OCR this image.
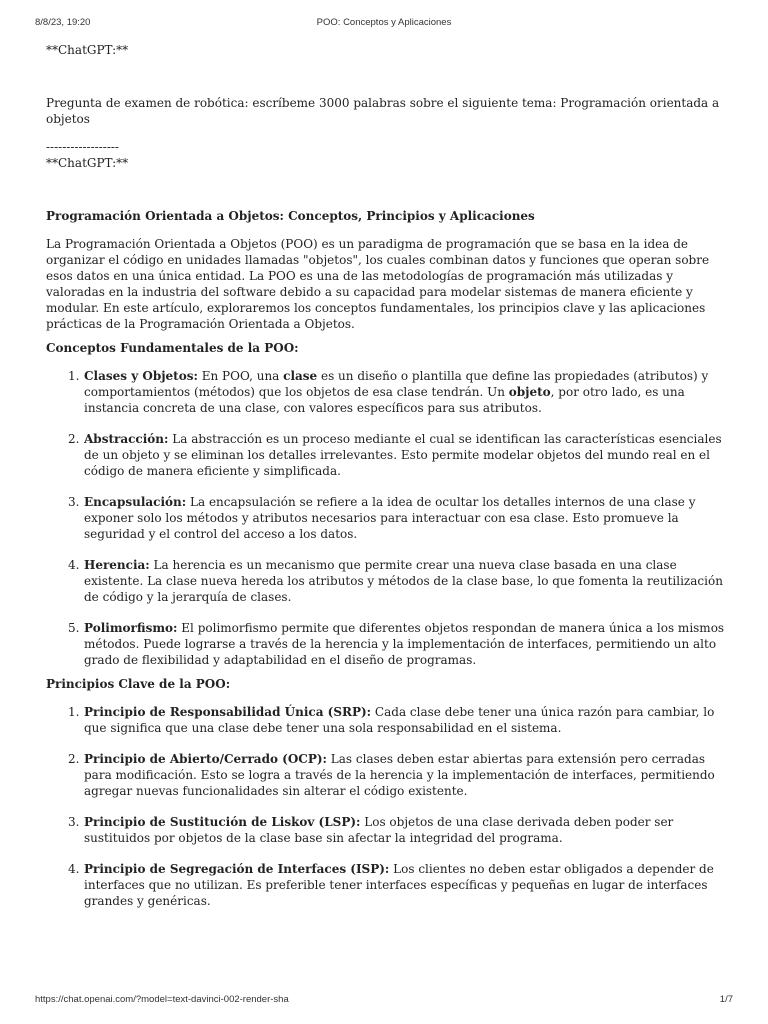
8/8/23, 19:20	POO: Conceptos y Aplicaciones

**ChatGPT:**

Pregunta de examen de robótica: escríbeme 3000 palabras sobre el siguiente tema: Programación orientada a objetos

------------------

**ChatGPT:**

Programación Orientada a Objetos: Conceptos, Principios y Aplicaciones

La Programación Orientada a Objetos (POO) es un paradigma de programación que se basa en la idea de organizar el código en unidades llamadas "objetos", los cuales combinan datos y funciones que operan sobre esos datos en una única entidad. La POO es una de las metodologías de programación más utilizadas y valoradas en la industria del software debido a su capacidad para modelar sistemas de manera eficiente y modular. En este artículo, exploraremos los conceptos fundamentales, los principios clave y las aplicaciones prácticas de la Programación Orientada a Objetos.

Conceptos Fundamentales de la POO:

1. Clases y Objetos: En POO, una clase es un diseño o plantilla que define las propiedades (atributos) y comportamientos (métodos) que los objetos de esa clase tendrán. Un objeto, por otro lado, es una instancia concreta de una clase, con valores específicos para sus atributos.
2. Abstracción: La abstracción es un proceso mediante el cual se identifican las características esenciales de un objeto y se eliminan los detalles irrelevantes. Esto permite modelar objetos del mundo real en el código de manera eficiente y simplificada.
3. Encapsulación: La encapsulación se refiere a la idea de ocultar los detalles internos de una clase y exponer solo los métodos y atributos necesarios para interactuar con esa clase. Esto promueve la seguridad y el control del acceso a los datos.
4. Herencia: La herencia es un mecanismo que permite crear una nueva clase basada en una clase existente. La clase nueva hereda los atributos y métodos de la clase base, lo que fomenta la reutilización de código y la jerarquía de clases.
5. Polimorfismo: El polimorfismo permite que diferentes objetos respondan de manera única a los mismos métodos. Puede lograrse a través de la herencia y la implementación de interfaces, permitiendo un alto grado de flexibilidad y adaptabilidad en el diseño de programas.

Principios Clave de la POO:

1. Principio de Responsabilidad Única (SRP): Cada clase debe tener una única razón para cambiar, lo que significa que una clase debe tener una sola responsabilidad en el sistema.
2. Principio de Abierto/Cerrado (OCP): Las clases deben estar abiertas para extensión pero cerradas para modificación. Esto se logra a través de la herencia y la implementación de interfaces, permitiendo agregar nuevas funcionalidades sin alterar el código existente.
3. Principio de Sustitución de Liskov (LSP): Los objetos de una clase derivada deben poder ser sustituidos por objetos de la clase base sin afectar la integridad del programa.
4. Principio de Segregación de Interfaces (ISP): Los clientes no deben estar obligados a depender de interfaces que no utilizan. Es preferible tener interfaces específicas y pequeñas en lugar de interfaces grandes y genéricas.
https://chat.openai.com/?model=text-davinci-002-render-sha	1/7
